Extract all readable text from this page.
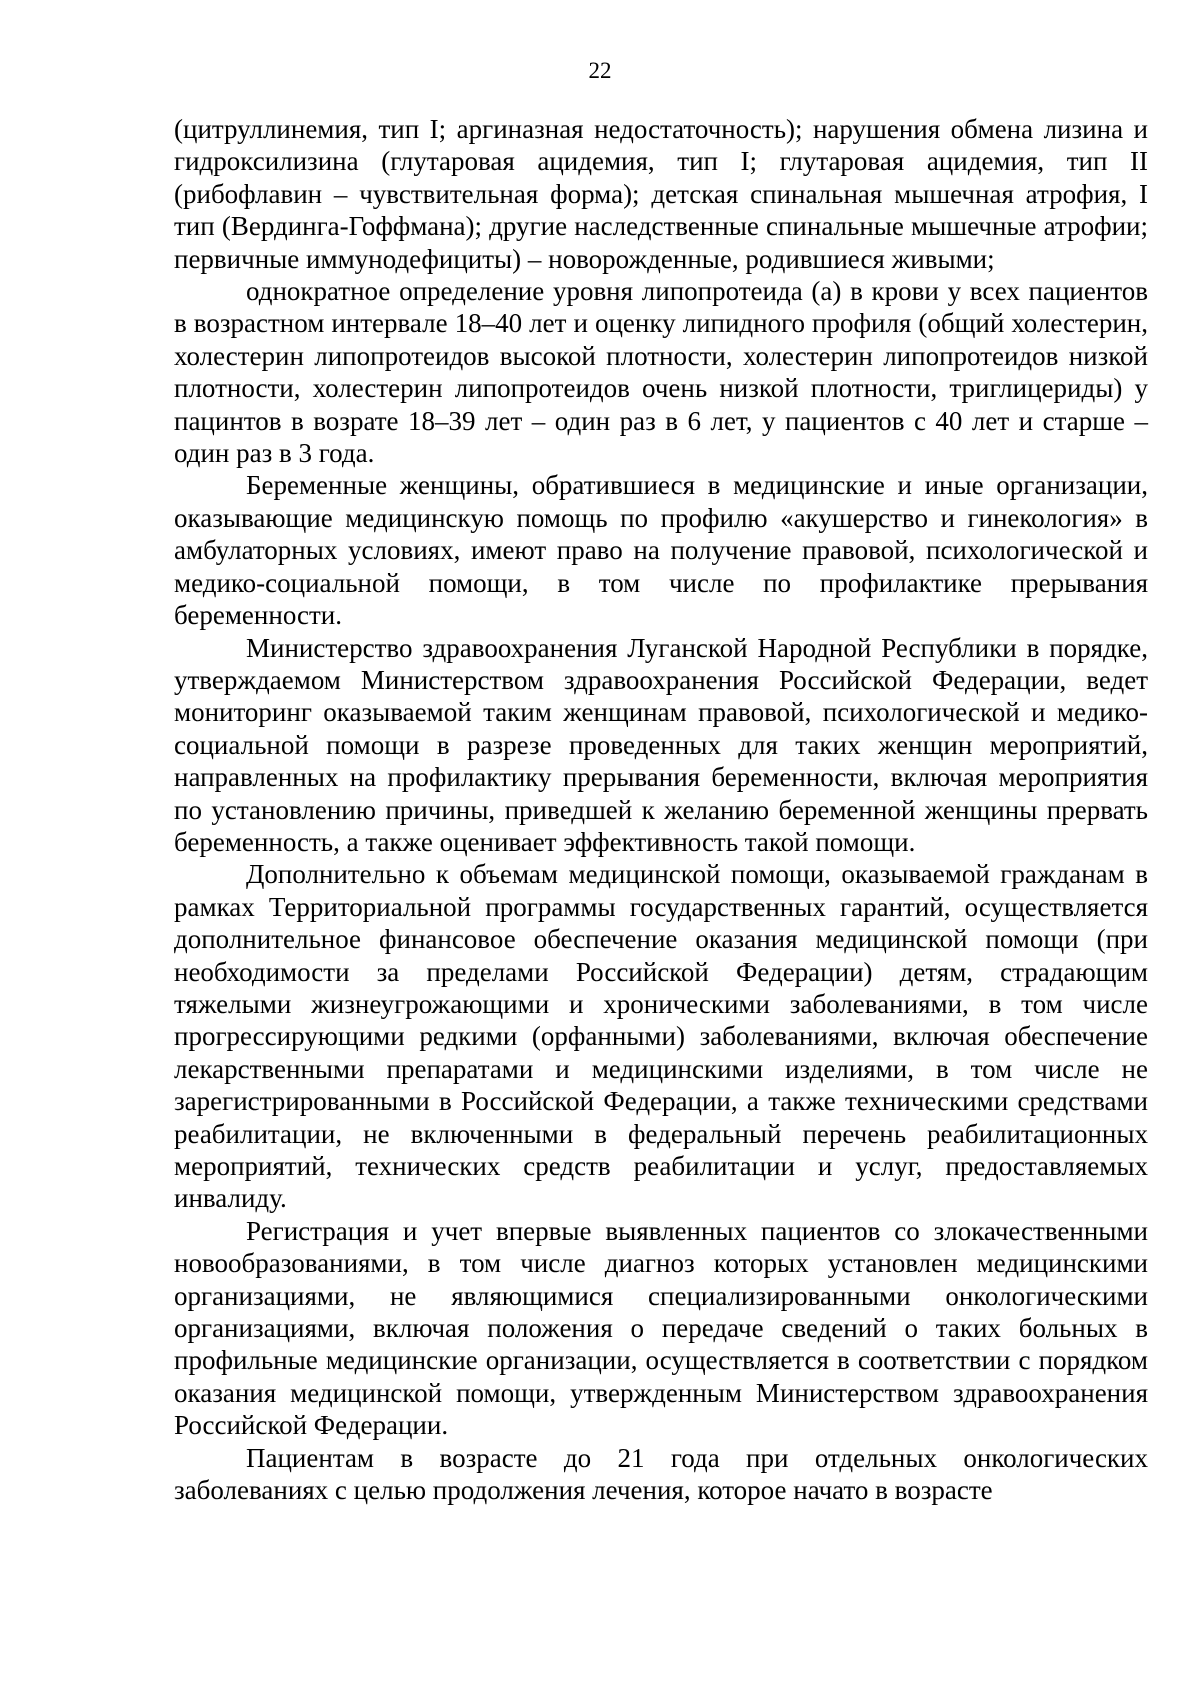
22

(цитруллинемия, тип I; аргиназная недостаточность); нарушения обмена лизина и гидроксилизина (глутаровая ацидемия, тип I; глутаровая ацидемия, тип II (рибофлавин – чувствительная форма); детская спинальная мышечная атрофия, I тип (Вердинга-Гоффмана); другие наследственные спинальные мышечные атрофии; первичные иммунодефициты) – новорожденные, родившиеся живыми;

однократное определение уровня липопротеида (а) в крови у всех пациентов в возрастном интервале 18–40 лет и оценку липидного профиля (общий холестерин, холестерин липопротеидов высокой плотности, холестерин липопротеидов низкой плотности, холестерин липопротеидов очень низкой плотности, триглицериды) у пацинтов в возрате 18–39 лет – один раз в 6 лет, у пациентов с 40 лет и старше – один раз в 3 года.

Беременные женщины, обратившиеся в медицинские и иные организации, оказывающие медицинскую помощь по профилю «акушерство и гинекология» в амбулаторных условиях, имеют право на получение правовой, психологической и медико-социальной помощи, в том числе по профилактике прерывания беременности.

Министерство здравоохранения Луганской Народной Республики в порядке, утверждаемом Министерством здравоохранения Российской Федерации, ведет мониторинг оказываемой таким женщинам правовой, психологической и медико-социальной помощи в разрезе проведенных для таких женщин мероприятий, направленных на профилактику прерывания беременности, включая мероприятия по установлению причины, приведшей к желанию беременной женщины прервать беременность, а также оценивает эффективность такой помощи.

Дополнительно к объемам медицинской помощи, оказываемой гражданам в рамках Территориальной программы государственных гарантий, осуществляется дополнительное финансовое обеспечение оказания медицинской помощи (при необходимости за пределами Российской Федерации) детям, страдающим тяжелыми жизнеугрожающими и хроническими заболеваниями, в том числе прогрессирующими редкими (орфанными) заболеваниями, включая обеспечение лекарственными препаратами и медицинскими изделиями, в том числе не зарегистрированными в Российской Федерации, а также техническими средствами реабилитации, не включенными в федеральный перечень реабилитационных мероприятий, технических средств реабилитации и услуг, предоставляемых инвалиду.

Регистрация и учет впервые выявленных пациентов со злокачественными новообразованиями, в том числе диагноз которых установлен медицинскими организациями, не являющимися специализированными онкологическими организациями, включая положения о передаче сведений о таких больных в профильные медицинские организации, осуществляется в соответствии с порядком оказания медицинской помощи, утвержденным Министерством здравоохранения Российской Федерации.

Пациентам в возрасте до 21 года при отдельных онкологических заболеваниях с целью продолжения лечения, которое начато в возрасте
